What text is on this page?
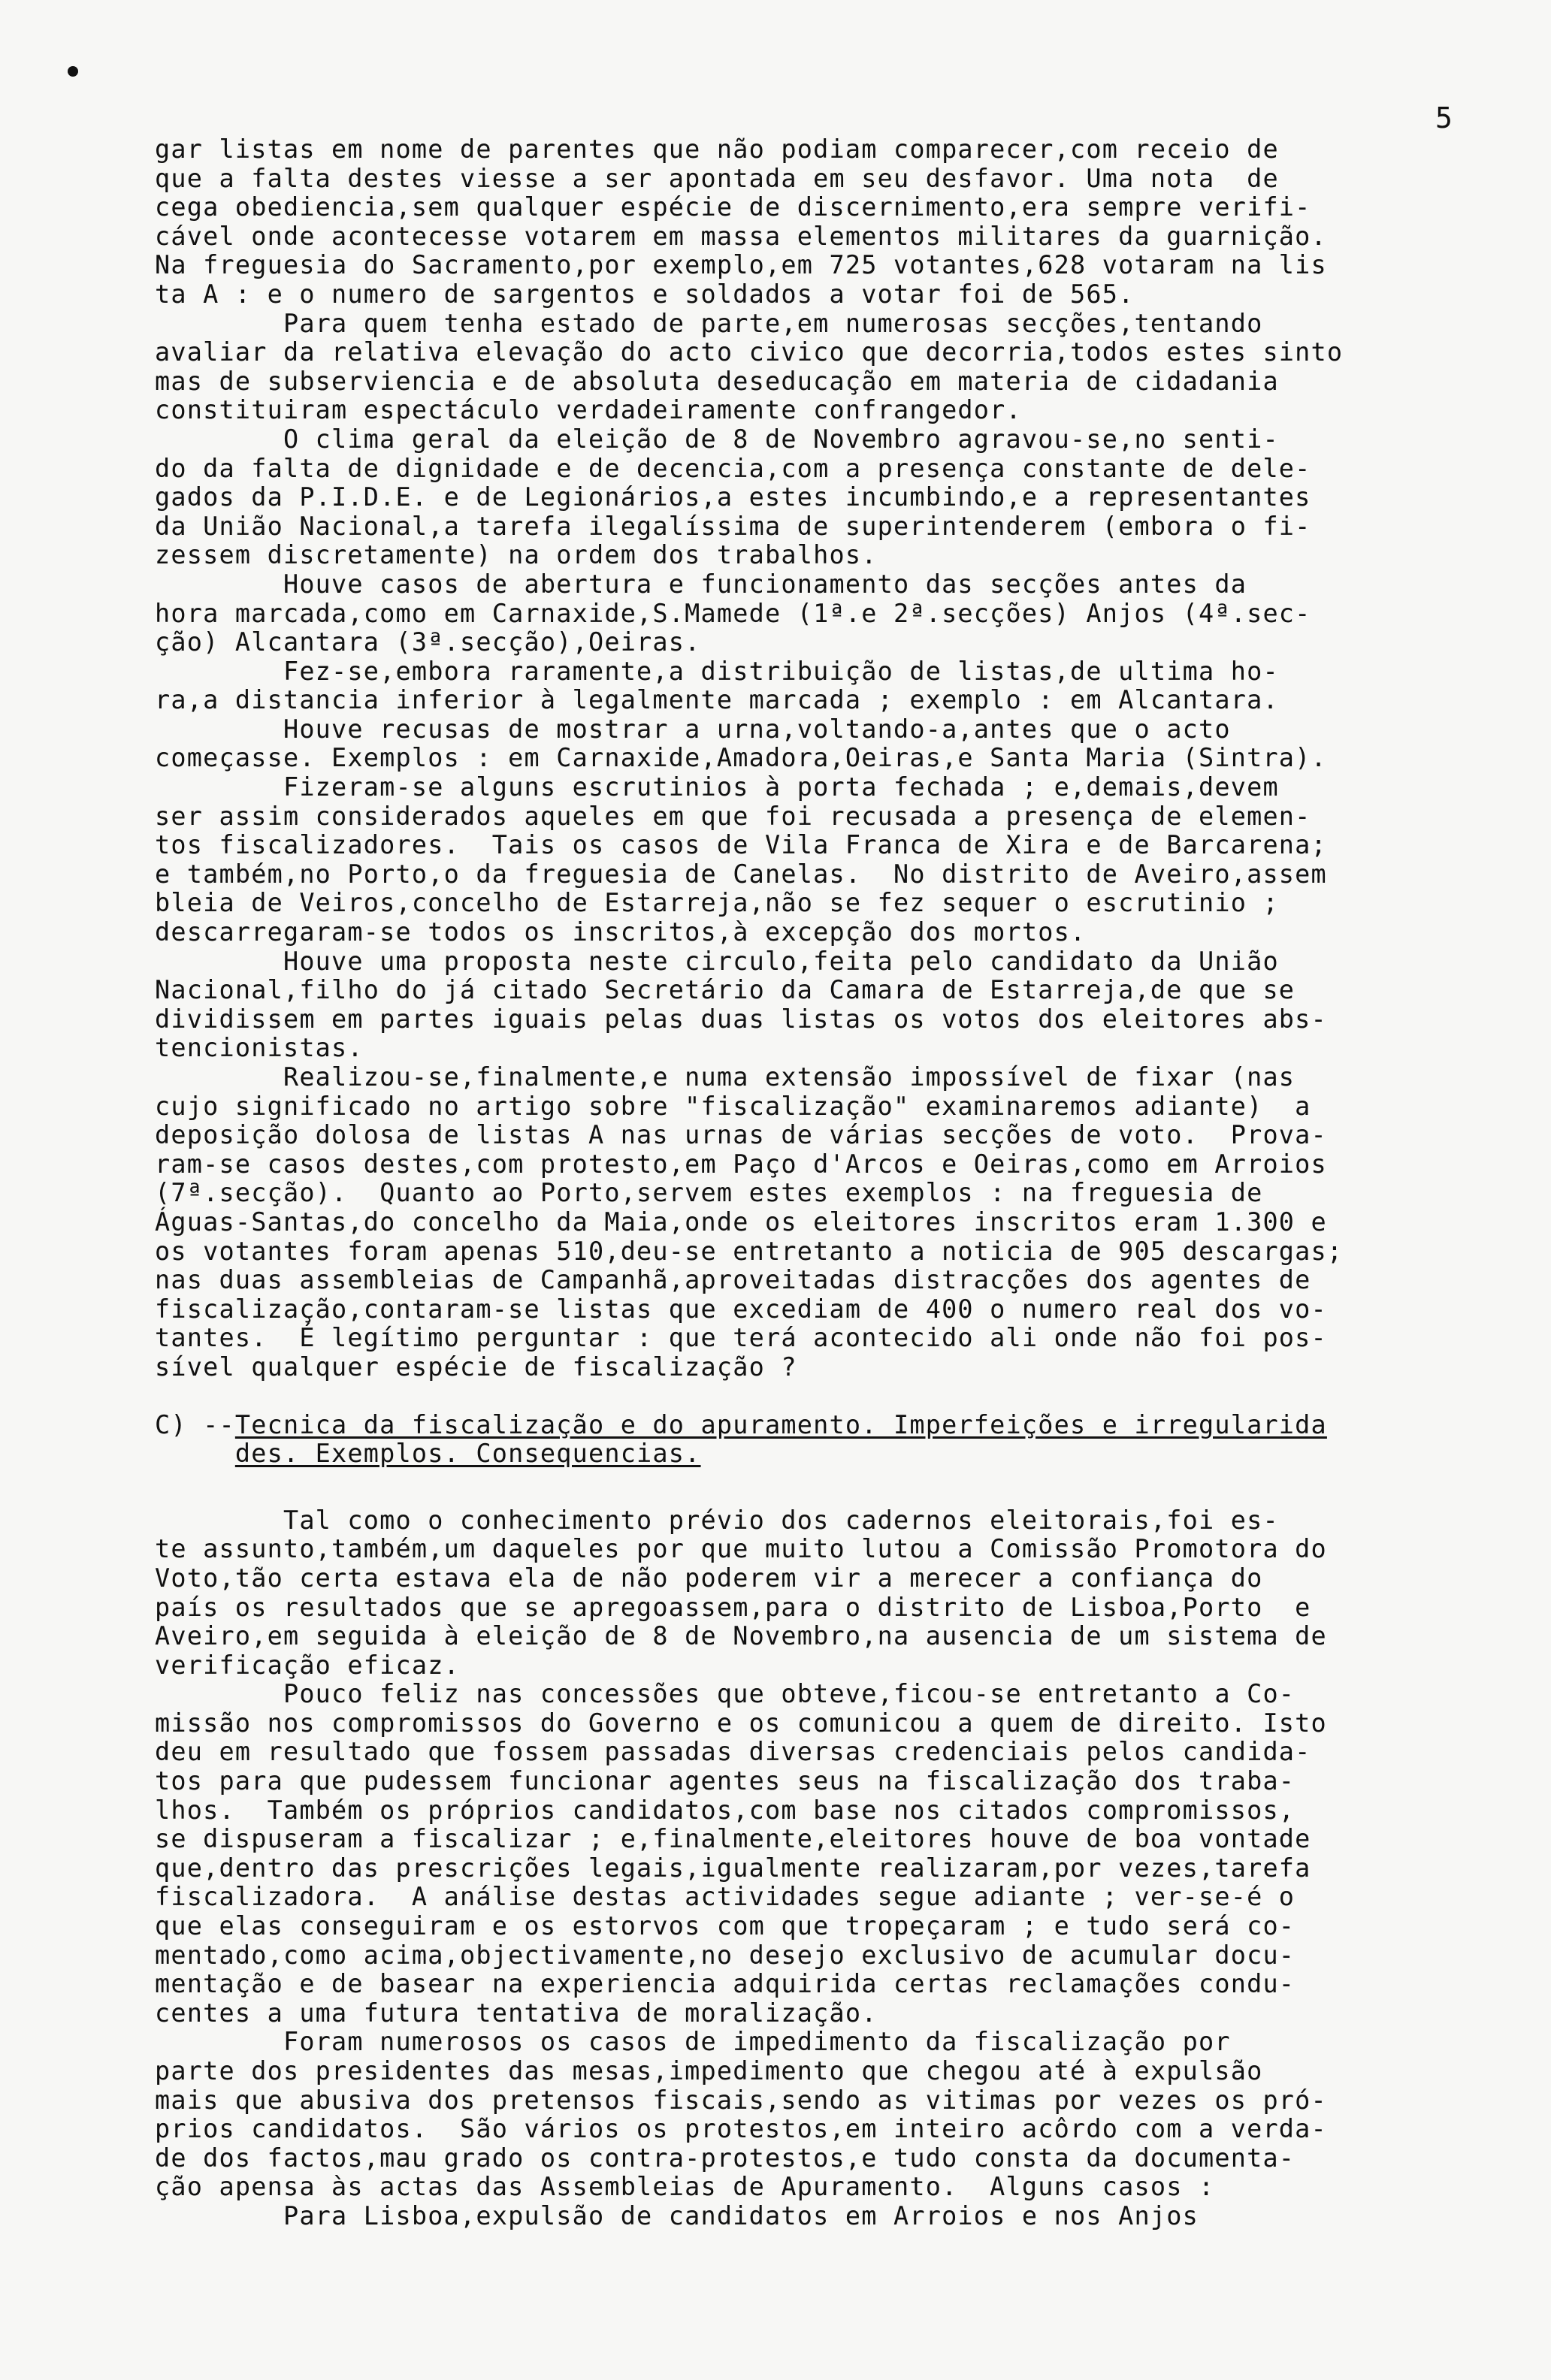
5
gar listas em nome de parentes que não podiam comparecer,com receio de
que a falta destes viesse a ser apontada em seu desfavor. Uma nota  de
cega obediencia,sem qualquer espécie de discernimento,era sempre verifi-
cável onde acontecesse votarem em massa elementos militares da guarnição.
Na freguesia do Sacramento,por exemplo,em 725 votantes,628 votaram na lis
ta A : e o numero de sargentos e soldados a votar foi de 565.
Para quem tenha estado de parte,em numerosas secções,tentando
avaliar da relativa elevação do acto civico que decorria,todos estes sinto
mas de subserviencia e de absoluta deseducação em materia de cidadania
constituiram espectáculo verdadeiramente confrangedor.
O clima geral da eleição de 8 de Novembro agravou-se,no senti-
do da falta de dignidade e de decencia,com a presença constante de dele-
gados da P.I.D.E. e de Legionários,a estes incumbindo,e a representantes
da União Nacional,a tarefa ilegalíssima de superintenderem (embora o fi-
zessem discretamente) na ordem dos trabalhos.
Houve casos de abertura e funcionamento das secções antes da
hora marcada,como em Carnaxide,S.Mamede (1ª.e 2ª.secções) Anjos (4ª.sec-
ção) Alcantara (3ª.secção),Oeiras.
Fez-se,embora raramente,a distribuição de listas,de ultima ho-
ra,a distancia inferior à legalmente marcada ; exemplo : em Alcantara.
Houve recusas de mostrar a urna,voltando-a,antes que o acto
começasse. Exemplos : em Carnaxide,Amadora,Oeiras,e Santa Maria (Sintra).
Fizeram-se alguns escrutinios à porta fechada ; e,demais,devem
ser assim considerados aqueles em que foi recusada a presença de elemen-
tos fiscalizadores.  Tais os casos de Vila Franca de Xira e de Barcarena;
e também,no Porto,o da freguesia de Canelas.  No distrito de Aveiro,assem
bleia de Veiros,concelho de Estarreja,não se fez sequer o escrutinio ;
descarregaram-se todos os inscritos,à excepção dos mortos.
Houve uma proposta neste circulo,feita pelo candidato da União
Nacional,filho do já citado Secretário da Camara de Estarreja,de que se
dividissem em partes iguais pelas duas listas os votos dos eleitores abs-
tencionistas.
Realizou-se,finalmente,e numa extensão impossível de fixar (nas
cujo significado no artigo sobre "fiscalização" examinaremos adiante)  a
deposição dolosa de listas A nas urnas de várias secções de voto.  Prova-
ram-se casos destes,com protesto,em Paço d'Arcos e Oeiras,como em Arroios
(7ª.secção).  Quanto ao Porto,servem estes exemplos : na freguesia de
Águas-Santas,do concelho da Maia,onde os eleitores inscritos eram 1.300 e
os votantes foram apenas 510,deu-se entretanto a noticia de 905 descargas;
nas duas assembleias de Campanhã,aproveitadas distracções dos agentes de
fiscalização,contaram-se listas que excediam de 400 o numero real dos vo-
tantes.  É legítimo perguntar : que terá acontecido ali onde não foi pos-
sível qualquer espécie de fiscalização ?
C) --Tecnica da fiscalização e do apuramento. Imperfeições e irregularida
des. Exemplos. Consequencias.
Tal como o conhecimento prévio dos cadernos eleitorais,foi es-
te assunto,também,um daqueles por que muito lutou a Comissão Promotora do
Voto,tão certa estava ela de não poderem vir a merecer a confiança do
país os resultados que se apregoassem,para o distrito de Lisboa,Porto  e
Aveiro,em seguida à eleição de 8 de Novembro,na ausencia de um sistema de
verificação eficaz.
Pouco feliz nas concessões que obteve,ficou-se entretanto a Co-
missão nos compromissos do Governo e os comunicou a quem de direito. Isto
deu em resultado que fossem passadas diversas credenciais pelos candida-
tos para que pudessem funcionar agentes seus na fiscalização dos traba-
lhos.  Também os próprios candidatos,com base nos citados compromissos,
se dispuseram a fiscalizar ; e,finalmente,eleitores houve de boa vontade
que,dentro das prescrições legais,igualmente realizaram,por vezes,tarefa
fiscalizadora.  A análise destas actividades segue adiante ; ver-se-é o
que elas conseguiram e os estorvos com que tropeçaram ; e tudo será co-
mentado,como acima,objectivamente,no desejo exclusivo de acumular docu-
mentação e de basear na experiencia adquirida certas reclamações condu-
centes a uma futura tentativa de moralização.
Foram numerosos os casos de impedimento da fiscalização por
parte dos presidentes das mesas,impedimento que chegou até à expulsão
mais que abusiva dos pretensos fiscais,sendo as vitimas por vezes os pró-
prios candidatos.  São vários os protestos,em inteiro acôrdo com a verda-
de dos factos,mau grado os contra-protestos,e tudo consta da documenta-
ção apensa às actas das Assembleias de Apuramento.  Alguns casos :
Para Lisboa,expulsão de candidatos em Arroios e nos Anjos
